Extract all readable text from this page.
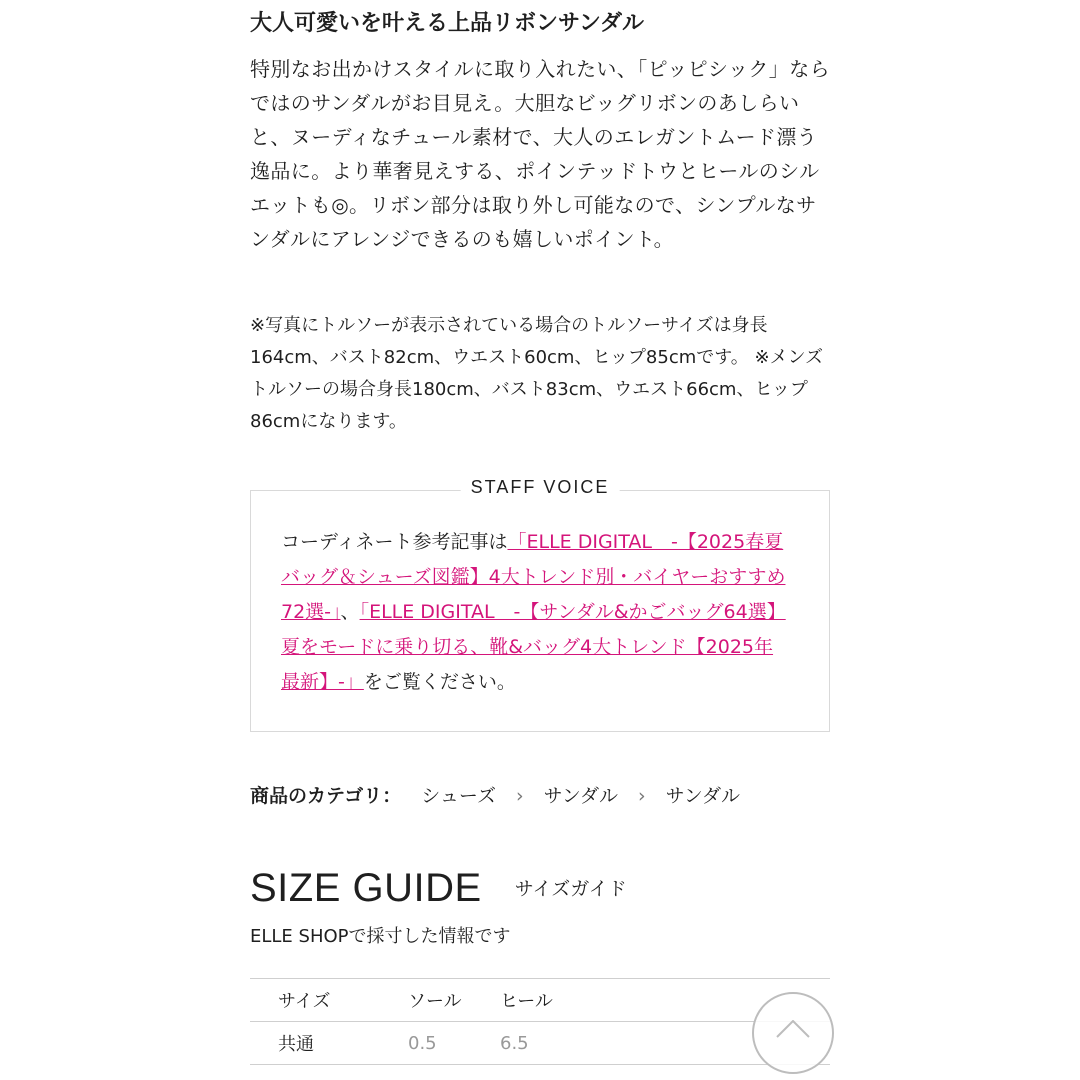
大人可愛いを叶える上品リボンサンダル

特別なお出かけスタイルに取り入れたい、「ピッピシック」ならではのサンダルがお目見え。大胆なビッグリボンのあしらいと、ヌーディなチュール素材で、大人のエレガントムード漂う逸品に。より華奢見えする、ポインテッドトウとヒールのシルエットも◎。リボン部分は取り外し可能なので、シンプルなサンダルにアレンジできるのも嬉しいポイント。

※写真にトルソーが表示されている場合のトルソーサイズは身長164cm、バスト82cm、ウエスト60cm、ヒップ85cmです。 ※メンズトルソーの場合身長180cm、バスト83cm、ウエスト66cm、ヒップ86cmになります。

STAFF VOICE

コーディネート参考記事は「ELLE DIGITAL　-【2025春夏バッグ＆シューズ図鑑】4大トレンド別・バイヤーおすすめ72選-」、「ELLE DIGITAL　-【サンダル&かごバッグ64選】夏をモードに乗り切る、靴&バッグ4大トレンド【2025年最新】-」をご覧ください。

商品のカテゴリ： シューズ › サンダル › サンダル
SIZE GUIDE サイズガイド
ELLE SHOPで採寸した情報です
サイズ	ソール	ヒール	
共通	0.5	6.5	
